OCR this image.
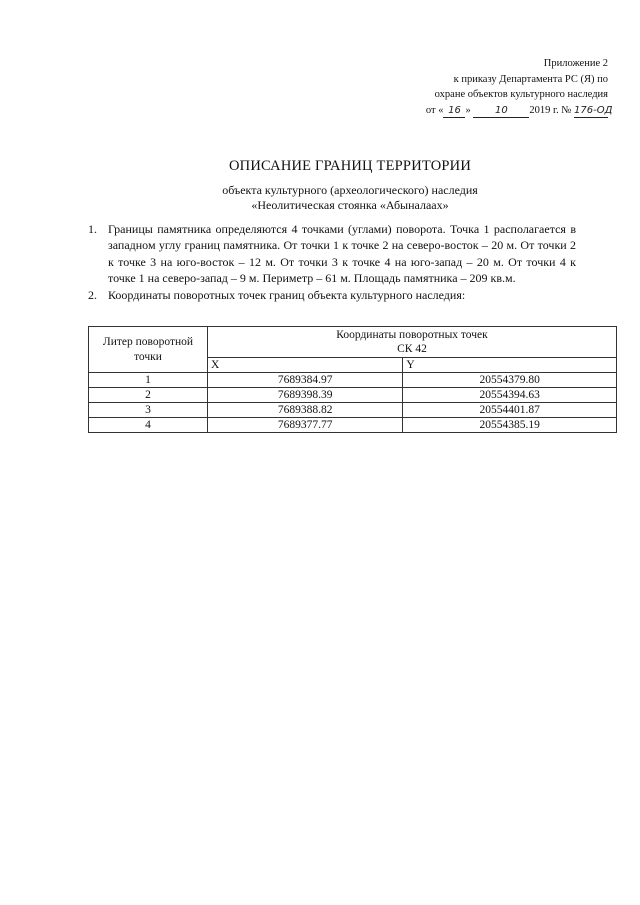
Приложение 2
к приказу Департамента РС (Я) по
охране объектов культурного наследия
от « 16 » 10 2019 г. № 176-ОД
ОПИСАНИЕ ГРАНИЦ ТЕРРИТОРИИ
объекта культурного (археологического) наследия
«Неолитическая стоянка «Абыналаах»
1. Границы памятника определяются 4 точками (углами) поворота. Точка 1 располагается в западном углу границ памятника. От точки 1 к точке 2 на северо-восток – 20 м. От точки 2 к точке 3 на юго-восток – 12 м. От точки 3 к точке 4 на юго-запад – 20 м. От точки 4 к точке 1 на северо-запад – 9 м. Периметр – 61 м. Площадь памятника – 209 кв.м.
2. Координаты поворотных точек границ объекта культурного наследия:
Литер поворотной точки	Координаты поворотных точек
СК 42	
	X	Y
1	7689384.97	20554379.80
2	7689398.39	20554394.63
3	7689388.82	20554401.87
4	7689377.77	20554385.19
